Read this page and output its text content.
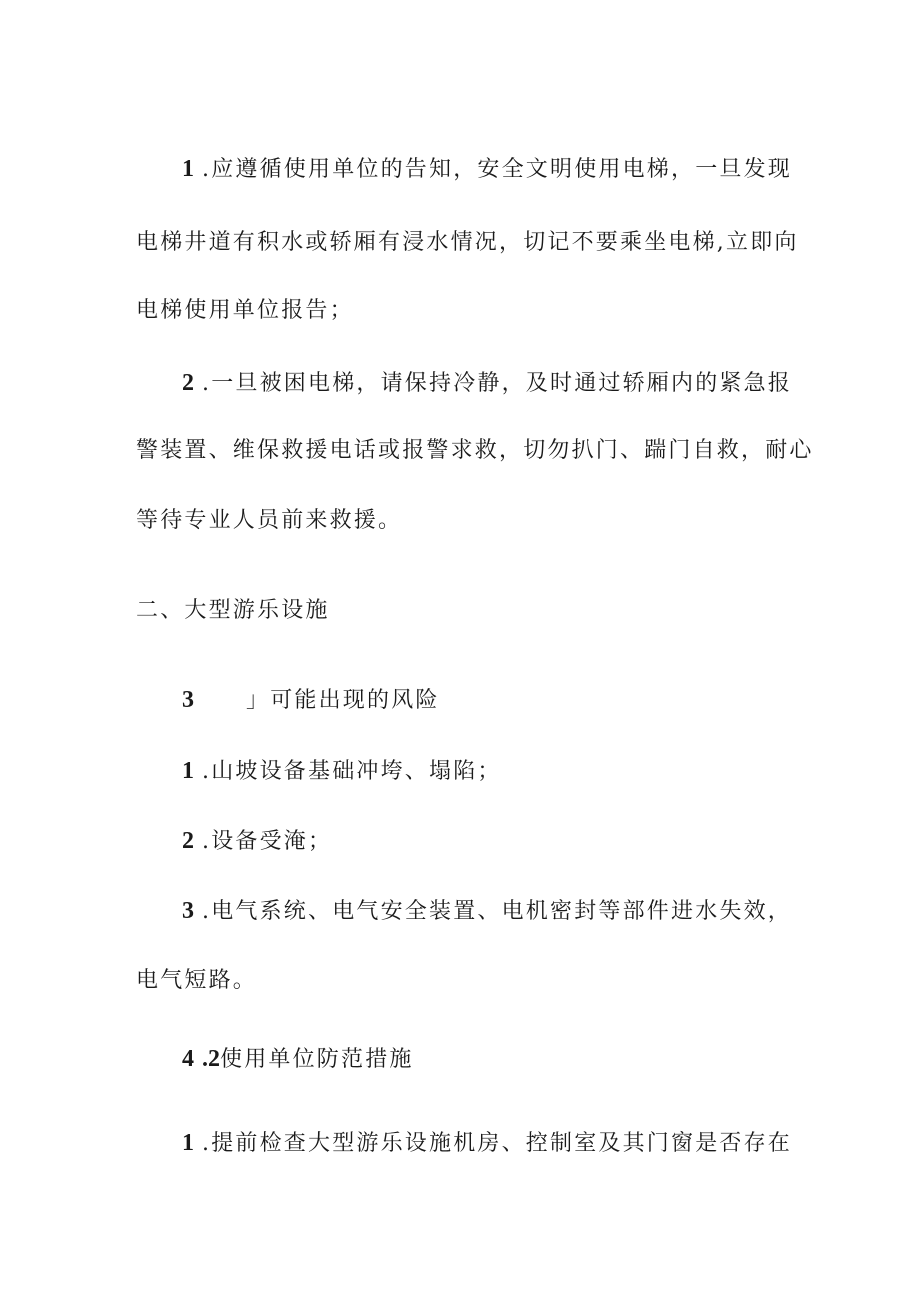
1 .应遵循使用单位的告知，安全文明使用电梯，一旦发现
电梯井道有积水或轿厢有浸水情况，切记不要乘坐电梯,立即向
电梯使用单位报告；
2 .一旦被困电梯，请保持冷静，及时通过轿厢内的紧急报
警装置、维保救援电话或报警求救，切勿扒门、踹门自救，耐心
等待专业人员前来救援。
二、大型游乐设施
3 」可能出现的风险
1 .山坡设备基础冲垮、塌陷；
2 .设备受淹；
3 .电气系统、电气安全装置、电机密封等部件进水失效，
电气短路。
4 .2使用单位防范措施
1 .提前检查大型游乐设施机房、控制室及其门窗是否存在
